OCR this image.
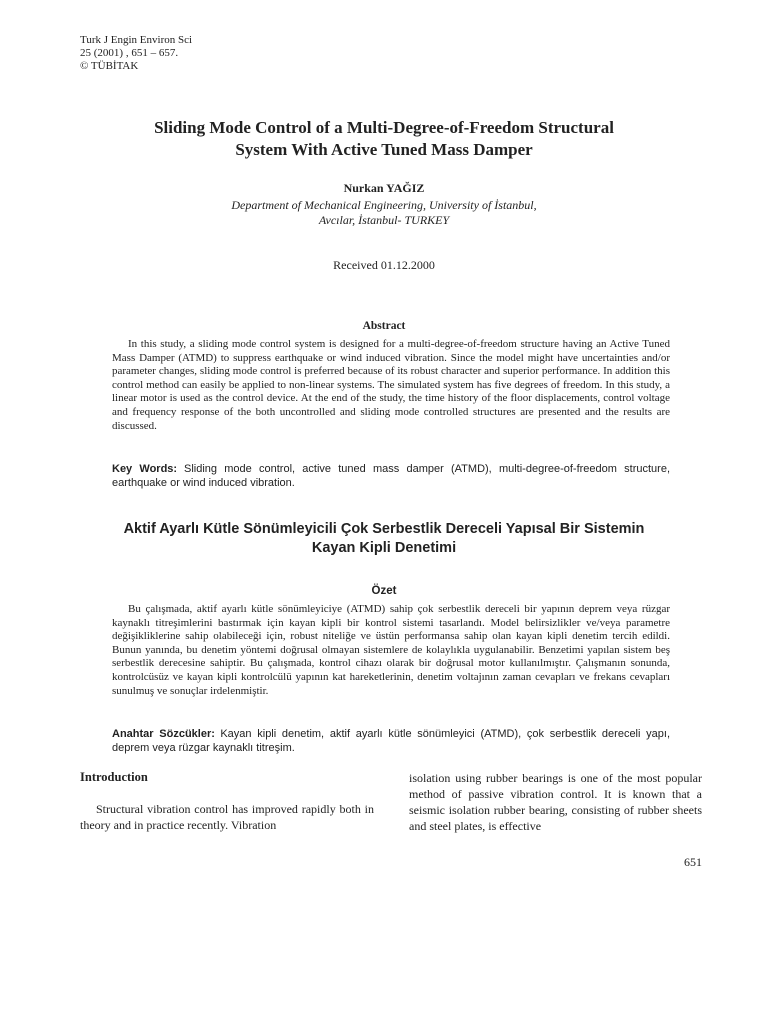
Turk J Engin Environ Sci
25 (2001) , 651 – 657.
© TÜBİTAK
Sliding Mode Control of a Multi-Degree-of-Freedom Structural
System With Active Tuned Mass Damper
Nurkan YAĞIZ
Department of Mechanical Engineering, University of İstanbul,
Avcılar, İstanbul- TURKEY
Received 01.12.2000
Abstract
In this study, a sliding mode control system is designed for a multi-degree-of-freedom structure having an Active Tuned Mass Damper (ATMD) to suppress earthquake or wind induced vibration. Since the model might have uncertainties and/or parameter changes, sliding mode control is preferred because of its robust character and superior performance. In addition this control method can easily be applied to non-linear systems. The simulated system has five degrees of freedom. In this study, a linear motor is used as the control device. At the end of the study, the time history of the floor displacements, control voltage and frequency response of the both uncontrolled and sliding mode controlled structures are presented and the results are discussed.
Key Words: Sliding mode control, active tuned mass damper (ATMD), multi-degree-of-freedom structure, earthquake or wind induced vibration.
Aktif Ayarlı Kütle Sönümleyicili Çok Serbestlik Dereceli Yapısal Bir Sistemin
Kayan Kipli Denetimi
Özet
Bu çalışmada, aktif ayarlı kütle sönümleyiciye (ATMD) sahip çok serbestlik dereceli bir yapının deprem veya rüzgar kaynaklı titreşimlerini bastırmak için kayan kipli bir kontrol sistemi tasarlandı. Model belirsizlikler ve/veya parametre değişikliklerine sahip olabileceği için, robust niteliğe ve üstün performansa sahip olan kayan kipli denetim tercih edildi. Bunun yanında, bu denetim yöntemi doğrusal olmayan sistemlere de kolaylıkla uygulanabilir. Benzetimi yapılan sistem beş serbestlik derecesine sahiptir. Bu çalışmada, kontrol cihazı olarak bir doğrusal motor kullanılmıştır. Çalışmanın sonunda, kontrolcüsüz ve kayan kipli kontrolcülü yapının kat hareketlerinin, denetim voltajının zaman cevapları ve frekans cevapları sunulmuş ve sonuçlar irdelenmiştir.
Anahtar Sözcükler: Kayan kipli denetim, aktif ayarlı kütle sönümleyici (ATMD), çok serbestlik dereceli yapı, deprem veya rüzgar kaynaklı titreşim.
Introduction
Structural vibration control has improved rapidly both in theory and in practice recently. Vibration
isolation using rubber bearings is one of the most popular method of passive vibration control. It is known that a seismic isolation rubber bearing, consisting of rubber sheets and steel plates, is effective
651
